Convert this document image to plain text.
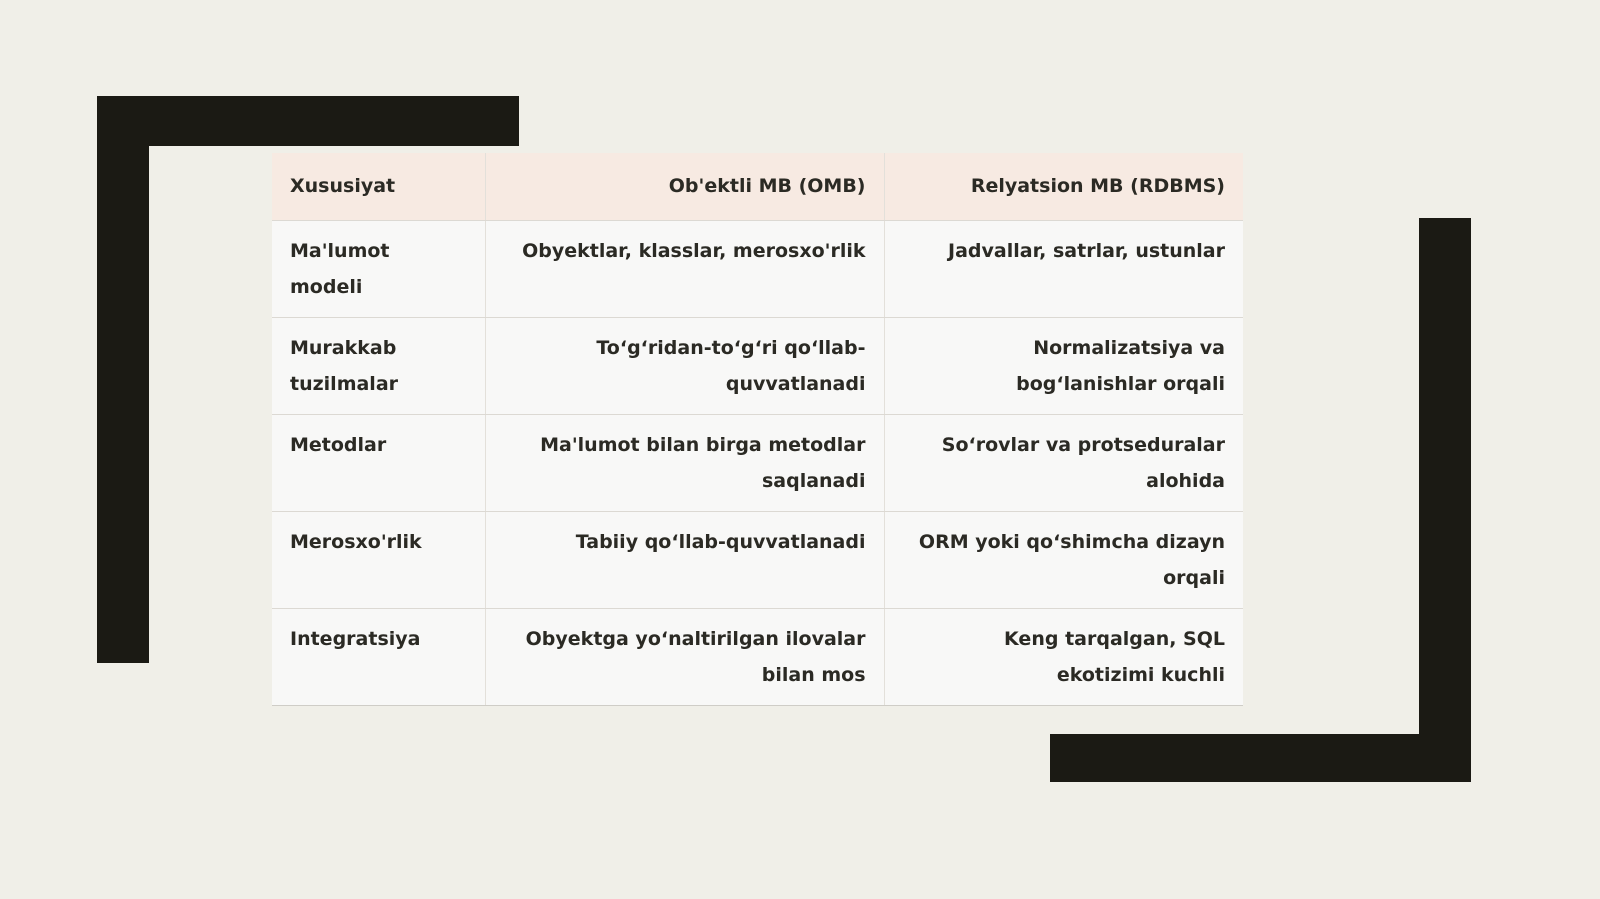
Xususiyat	Ob'ektli MB (OMB)	Relyatsion MB (RDBMS)
Ma'lumot modeli	Obyektlar, klasslar, merosxo'rlik	Jadvallar, satrlar, ustunlar
Murakkab tuzilmalar	To‘g‘ridan-to‘g‘ri qo‘llab-quvvatlanadi	Normalizatsiya va bog‘lanishlar orqali
Metodlar	Ma'lumot bilan birga metodlar saqlanadi	So‘rovlar va protseduralar alohida
Merosxo'rlik	Tabiiy qo‘llab-quvvatlanadi	ORM yoki qo‘shimcha dizayn orqali
Integratsiya	Obyektga yo‘naltirilgan ilovalar bilan mos	Keng tarqalgan, SQL ekotizimi kuchli
